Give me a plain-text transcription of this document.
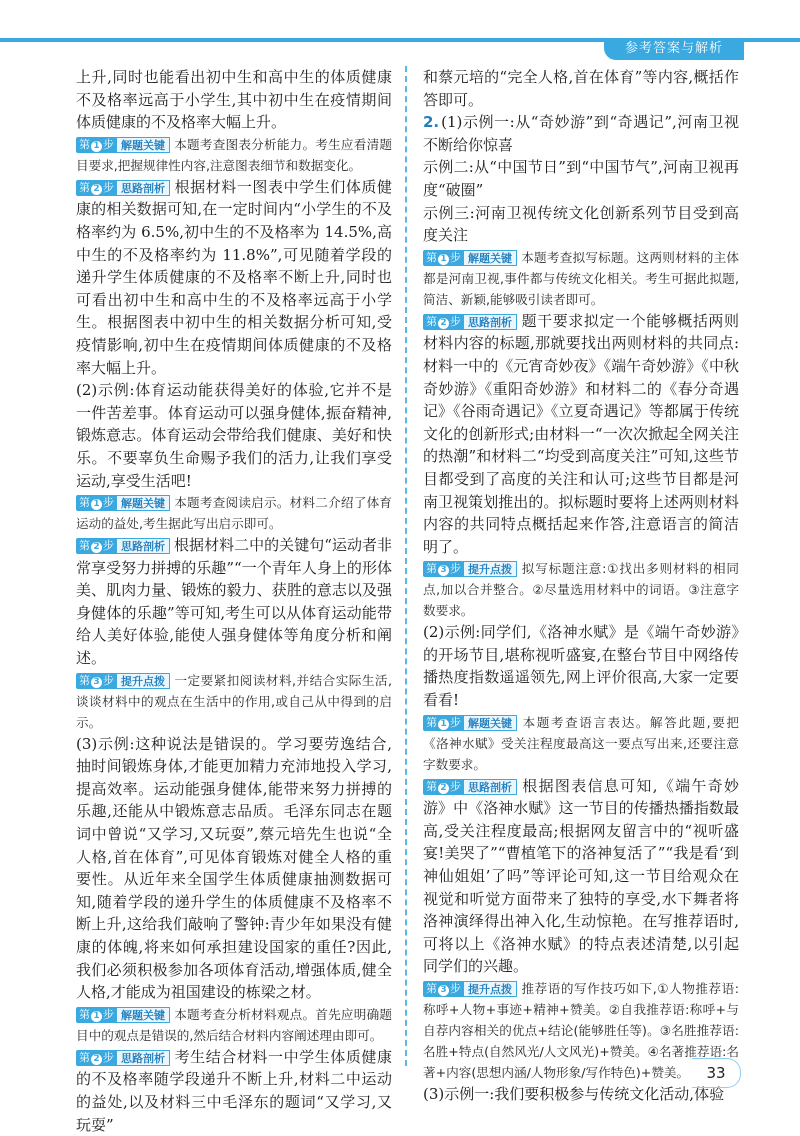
参考答案与解析

上升,同时也能看出初中生和高中生的体质健康不及格率远高于小学生,其中初中生在疫情期间体质健康的不及格率大幅上升。

第 1 步 解题关键 本题考查图表分析能力。考生应看清题目要求,把握规律性内容,注意图表细节和数据变化。

第 2 步 思路剖析 根据材料一图表中学生们体质健康的相关数据可知,在一定时间内“小学生的不及格率约为 6.5%,初中生的不及格率为 14.5%,高中生的不及格率约为 11.8%”,可见随着学段的递升学生体质健康的不及格率不断上升,同时也可看出初中生和高中生的不及格率远高于小学生。根据图表中初中生的相关数据分析可知,受疫情影响,初中生在疫情期间体质健康的不及格率大幅上升。

(2)示例:体育运动能获得美好的体验,它并不是一件苦差事。体育运动可以强身健体,振奋精神,锻炼意志。体育运动会带给我们健康、美好和快乐。不要辜负生命赐予我们的活力,让我们享受运动,享受生活吧!

第 1 步 解题关键 本题考查阅读启示。材料二介绍了体育运动的益处,考生据此写出启示即可。

第 2 步 思路剖析 根据材料二中的关键句“运动者非常享受努力拼搏的乐趣”“一个青年人身上的形体美、肌肉力量、锻炼的毅力、获胜的意志以及强身健体的乐趣”等可知,考生可以从体育运动能带给人美好体验,能使人强身健体等角度分析和阐述。

第 3 步 提升点拨 一定要紧扣阅读材料,并结合实际生活,谈谈材料中的观点在生活中的作用,或自己从中得到的启示。

(3)示例:这种说法是错误的。学习要劳逸结合,抽时间锻炼身体,才能更加精力充沛地投入学习,提高效率。运动能强身健体,能带来努力拼搏的乐趣,还能从中锻炼意志品质。毛泽东同志在题词中曾说“又学习,又玩耍”,蔡元培先生也说“全人格,首在体育”,可见体育锻炼对健全人格的重要性。从近年来全国学生体质健康抽测数据可知,随着学段的递升学生的体质健康不及格率不断上升,这给我们敲响了警钟:青少年如果没有健康的体魄,将来如何承担建设国家的重任?因此,我们必须积极参加各项体育活动,增强体质,健全人格,才能成为祖国建设的栋梁之材。

第 1 步 解题关键 本题考查分析材料观点。首先应明确题目中的观点是错误的,然后结合材料内容阐述理由即可。

第 2 步 思路剖析 考生结合材料一中学生体质健康的不及格率随学段递升不断上升,材料二中运动的益处,以及材料三中毛泽东的题词“又学习,又玩耍”

和蔡元培的“完全人格,首在体育”等内容,概括作答即可。

2. (1)示例一:从“奇妙游”到“奇遇记”,河南卫视不断给你惊喜

示例二:从“中国节日”到“中国节气”,河南卫视再度“破圈”

示例三:河南卫视传统文化创新系列节目受到高度关注

第 1 步 解题关键 本题考查拟写标题。这两则材料的主体都是河南卫视,事件都与传统文化相关。考生可据此拟题,简洁、新颖,能够吸引读者即可。

第 2 步 思路剖析 题干要求拟定一个能够概括两则材料内容的标题,那就要找出两则材料的共同点:材料一中的《元宵奇妙夜》《端午奇妙游》《中秋奇妙游》《重阳奇妙游》和材料二的《春分奇遇记》《谷雨奇遇记》《立夏奇遇记》等都属于传统文化的创新形式;由材料一“一次次掀起全网关注的热潮”和材料二“均受到高度关注”可知,这些节目都受到了高度的关注和认可;这些节目都是河南卫视策划推出的。拟标题时要将上述两则材料内容的共同特点概括起来作答,注意语言的简洁明了。

第 3 步 提升点拨 拟写标题注意:①找出多则材料的相同点,加以合并整合。②尽量选用材料中的词语。③注意字数要求。

(2)示例:同学们,《洛神水赋》是《端午奇妙游》的开场节目,堪称视听盛宴,在整台节目中网络传播热度指数遥遥领先,网上评价很高,大家一定要看看!

第 1 步 解题关键 本题考查语言表达。解答此题,要把《洛神水赋》受关注程度最高这一要点写出来,还要注意字数要求。

第 2 步 思路剖析 根据图表信息可知,《端午奇妙游》中《洛神水赋》这一节目的传播热播指数最高,受关注程度最高;根据网友留言中的“视听盛宴!美哭了”“曹植笔下的洛神复活了”“我是看‘到神仙姐姐’了吗”等评论可知,这一节目给观众在视觉和听觉方面带来了独特的享受,水下舞者将洛神演绎得出神入化,生动惊艳。在写推荐语时,可将以上《洛神水赋》的特点表述清楚,以引起同学们的兴趣。

第 3 步 提升点拨 推荐语的写作技巧如下,①人物推荐语:称呼+人物+事迹+精神+赞美。②自我推荐语:称呼+与自荐内容相关的优点+结论(能够胜任等)。③名胜推荐语:名胜+特点(自然风光/人文风光)+赞美。④名著推荐语:名著+内容(思想内涵/人物形象/写作特色)+赞美。

(3)示例一:我们要积极参与传统文化活动,体验

33
